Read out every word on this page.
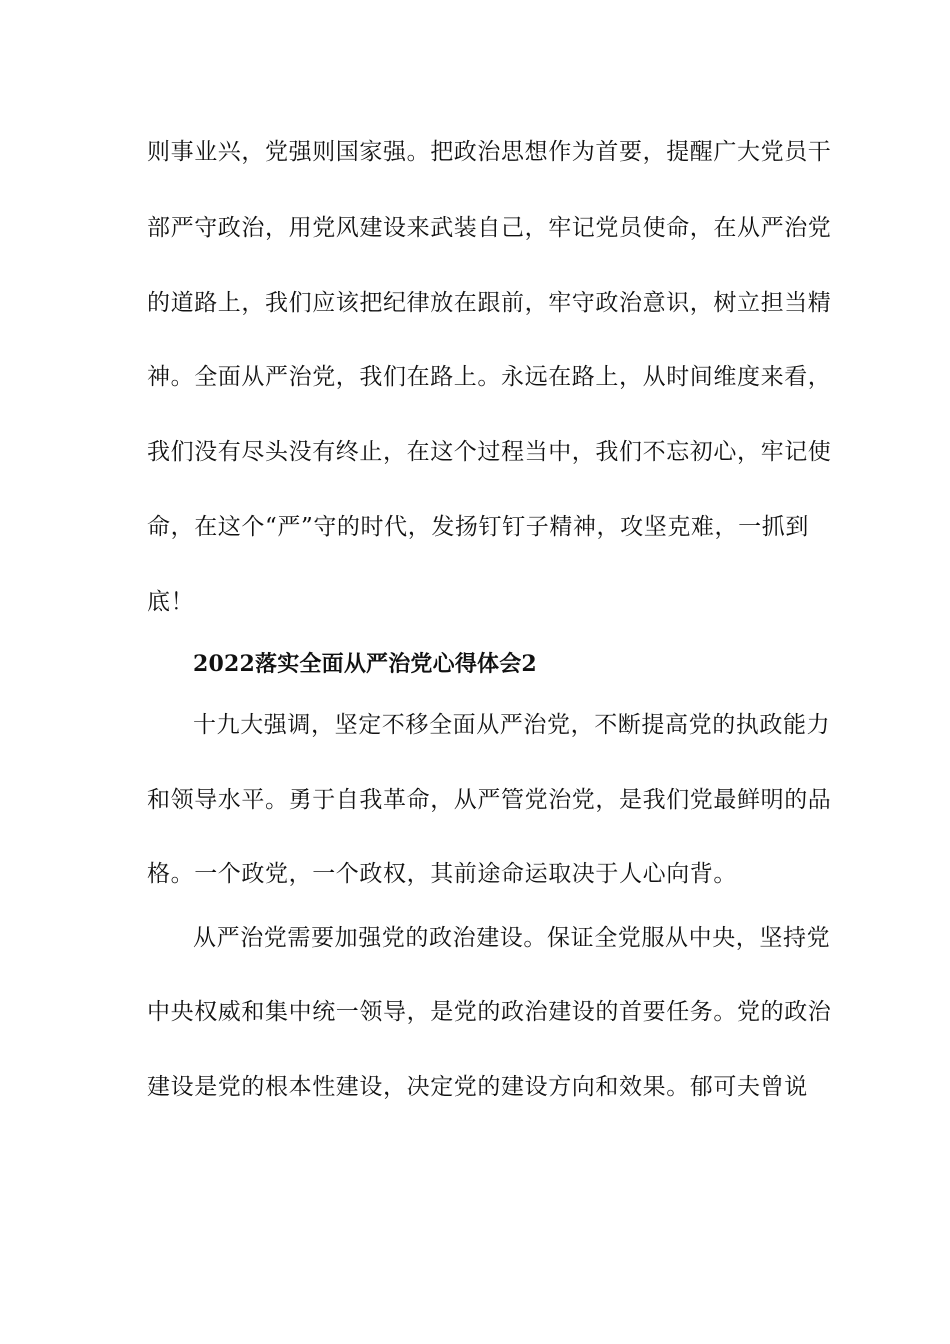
则事业兴，党强则国家强。把政治思想作为首要，提醒广大党员干
部严守政治，用党风建设来武装自己，牢记党员使命，在从严治党
的道路上，我们应该把纪律放在跟前，牢守政治意识，树立担当精
神。全面从严治党，我们在路上。永远在路上，从时间维度来看，
我们没有尽头没有终止，在这个过程当中，我们不忘初心，牢记使
命，在这个“严”守的时代，发扬钉钉子精神，攻坚克难，一抓到
底！
2022落实全面从严治党心得体会2
十九大强调，坚定不移全面从严治党，不断提高党的执政能力
和领导水平。勇于自我革命，从严管党治党，是我们党最鲜明的品
格。一个政党，一个政权，其前途命运取决于人心向背。
从严治党需要加强党的政治建设。保证全党服从中央，坚持党
中央权威和集中统一领导，是党的政治建设的首要任务。党的政治
建设是党的根本性建设，决定党的建设方向和效果。郁可夫曾说
